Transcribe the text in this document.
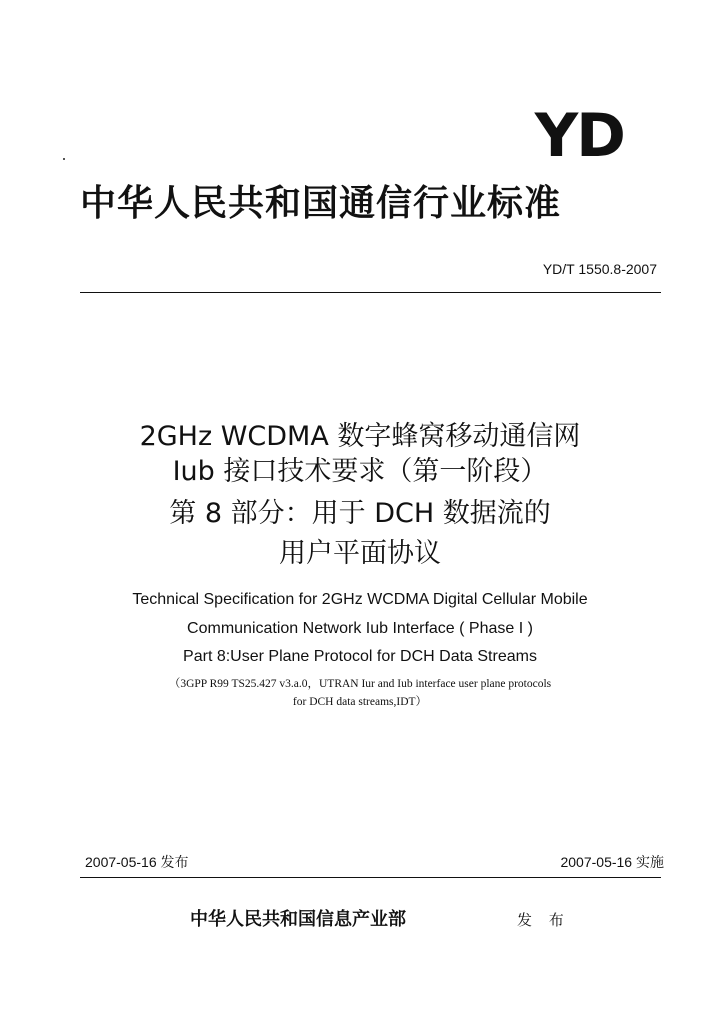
YD
中华人民共和国通信行业标准
YD/T 1550.8-2007
2GHz WCDMA 数字蜂窝移动通信网
Iub 接口技术要求（第一阶段）
第 8 部分：用于 DCH 数据流的
用户平面协议
Technical Specification for 2GHz WCDMA Digital Cellular Mobile
Communication Network Iub Interface ( Phase I )
Part 8:User Plane Protocol for DCH Data Streams
（3GPP R99 TS25.427 v3.a.0，UTRAN Iur and Iub interface user plane protocols
for DCH data streams,IDT）
2007-05-16 发布	2007-05-16 实施
中华人民共和国信息产业部	发 布
